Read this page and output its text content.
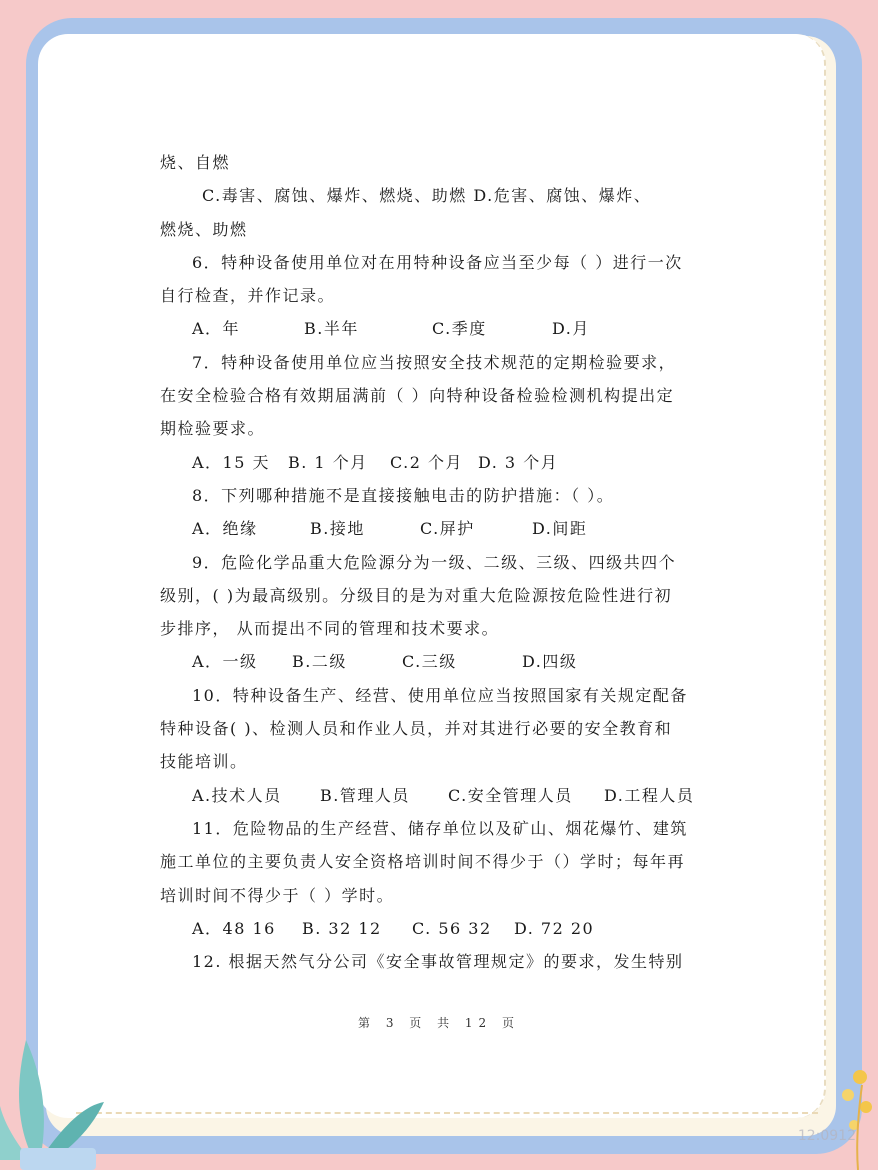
烧、自燃
C.毒害、腐蚀、爆炸、燃烧、助燃 D.危害、腐蚀、爆炸、
燃烧、助燃
6．特种设备使用单位对在用特种设备应当至少每（ ）进行一次
自行检查，并作记录。
A．年	B.半年	C.季度	D.月
7．特种设备使用单位应当按照安全技术规范的定期检验要求，
在安全检验合格有效期届满前（ ）向特种设备检验检测机构提出定
期检验要求。
A．15 天 B. 1 个月 C.2 个月 D. 3 个月
8．下列哪种措施不是直接接触电击的防护措施：（ ）。
A．绝缘	B.接地	C.屏护	D.间距
9．危险化学品重大危险源分为一级、二级、三级、四级共四个
级别，( )为最高级别。分级目的是为对重大危险源按危险性进行初
步排序， 从而提出不同的管理和技术要求。
A．一级 B.二级	C.三级	D.四级
10．特种设备生产、经营、使用单位应当按照国家有关规定配备
特种设备( )、检测人员和作业人员，并对其进行必要的安全教育和
技能培训。
A.技术人员 B.管理人员 C.安全管理人员 D.工程人员
11．危险物品的生产经营、储存单位以及矿山、烟花爆竹、建筑
施工单位的主要负责人安全资格培训时间不得少于（）学时；每年再
培训时间不得少于（ ）学时。
A．48 16 B. 32 12 C. 56 32 D. 72 20
12. 根据天然气分公司《安全事故管理规定》的要求，发生特别
第 3 页 共 12 页
12:0912
